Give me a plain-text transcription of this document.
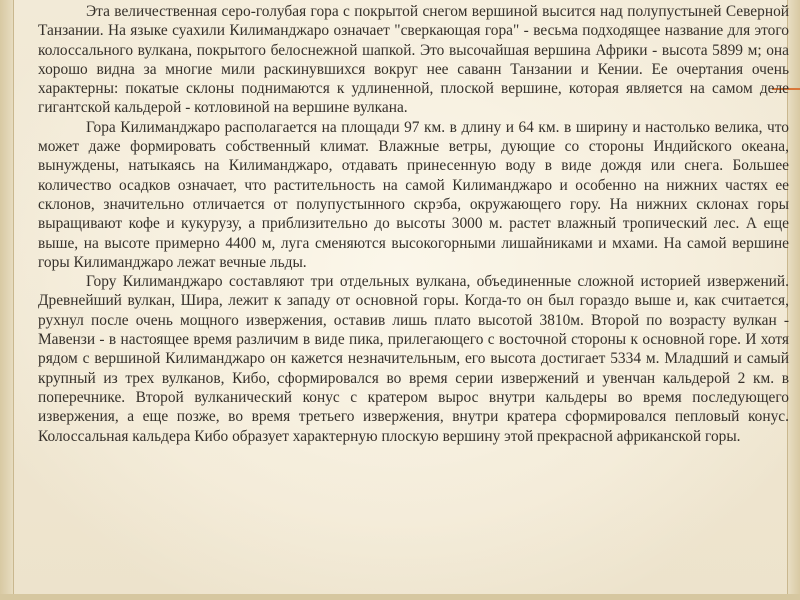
Эта величественная серо-голубая гора с покрытой снегом вершиной высится над полупустыней Северной Танзании. На языке суахили Килиманджаро означает "сверкающая гора" - весьма подходящее название для этого колоссального вулкана, покрытого белоснежной шапкой. Это высочайшая вершина Африки - высота 5899 м; она хорошо видна за многие мили раскинувшихся вокруг нее саванн Танзании и Кении. Ее очертания очень характерны: покатые склоны поднимаются к удлиненной, плоской вершине, которая является на самом деле гигантской кальдерой - котловиной на вершине вулкана.

Гора Килиманджаро располагается на площади 97 км. в длину и 64 км. в ширину и настолько велика, что может даже формировать собственный климат. Влажные ветры, дующие со стороны Индийского океана, вынуждены, натыкаясь на Килиманджаро, отдавать принесенную воду в виде дождя или снега. Большее количество осадков означает, что растительность на самой Килиманджаро и особенно на нижних частях ее склонов, значительно отличается от полупустынного скрэба, окружающего гору. На нижних склонах горы выращивают кофе и кукурузу, а приблизительно до высоты 3000 м. растет влажный тропический лес. А еще выше, на высоте примерно 4400 м, луга сменяются высокогорными лишайниками и мхами. На самой вершине горы Килиманджаро лежат вечные льды.

Гору Килиманджаро составляют три отдельных вулкана, объединенные сложной историей извержений. Древнейший вулкан, Шира, лежит к западу от основной горы. Когда-то он был гораздо выше и, как считается, рухнул после очень мощного извержения, оставив лишь плато высотой 3810м. Второй по возрасту вулкан - Мавензи - в настоящее время различим в виде пика, прилегающего с восточной стороны к основной горе. И хотя рядом с вершиной Килиманджаро он кажется незначительным, его высота достигает 5334 м. Младший и самый крупный из трех вулканов, Кибо, сформировался во время серии извержений и увенчан кальдерой 2 км. в поперечнике. Второй вулканический конус с кратером вырос внутри кальдеры во время последующего извержения, а еще позже, во время третьего извержения, внутри кратера сформировался пепловый конус. Колоссальная кальдера Кибо образует характерную плоскую вершину этой прекрасной африканской горы.
